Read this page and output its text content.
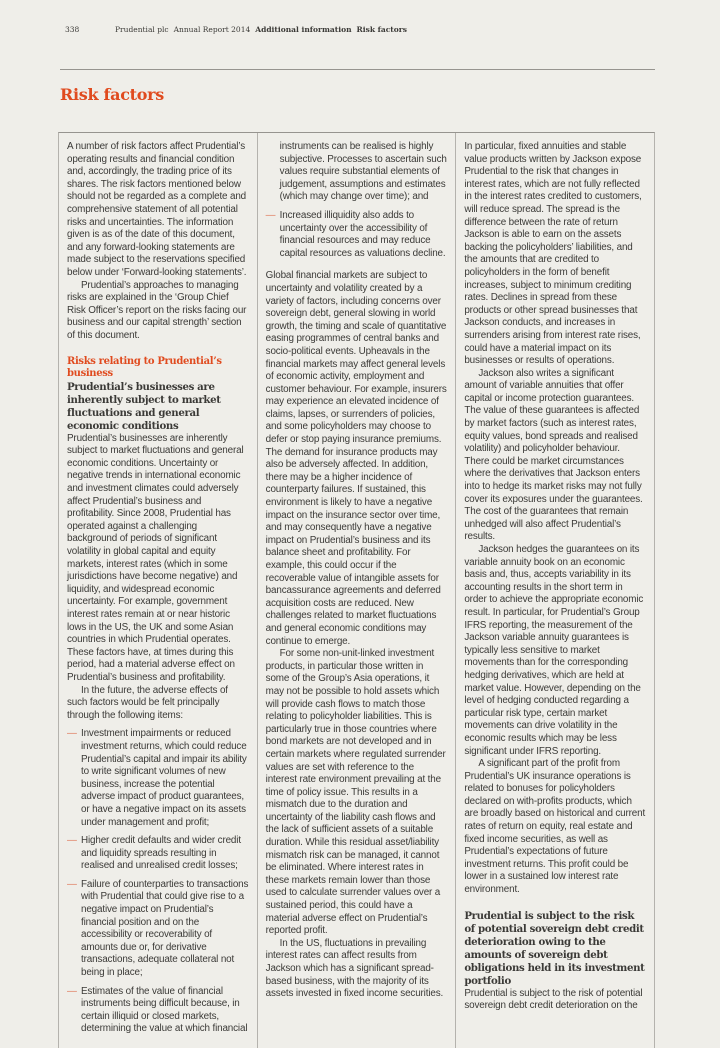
338	Prudential plc Annual Report 2014 Additional information Risk factors
Risk factors
A number of risk factors affect Prudential’s operating results and financial condition and, accordingly, the trading price of its shares. The risk factors mentioned below should not be regarded as a complete and comprehensive statement of all potential risks and uncertainties. The information given is as of the date of this document, and any forward-looking statements are made subject to the reservations specified below under ‘Forward-looking statements’.
Prudential’s approaches to managing risks are explained in the ‘Group Chief Risk Officer’s report on the risks facing our business and our capital strength’ section of this document.
Risks relating to Prudential’s business
Prudential’s businesses are inherently subject to market fluctuations and general economic conditions
Prudential’s businesses are inherently subject to market fluctuations and general economic conditions. Uncertainty or negative trends in international economic and investment climates could adversely affect Prudential’s business and profitability. Since 2008, Prudential has operated against a challenging background of periods of significant volatility in global capital and equity markets, interest rates (which in some jurisdictions have become negative) and liquidity, and widespread economic uncertainty. For example, government interest rates remain at or near historic lows in the US, the UK and some Asian countries in which Prudential operates. These factors have, at times during this period, had a material adverse effect on Prudential’s business and profitability.
In the future, the adverse effects of such factors would be felt principally through the following items:
— Investment impairments or reduced investment returns, which could reduce Prudential’s capital and impair its ability to write significant volumes of new business, increase the potential adverse impact of product guarantees, or have a negative impact on its assets under management and profit;
— Higher credit defaults and wider credit and liquidity spreads resulting in realised and unrealised credit losses;
— Failure of counterparties to transactions with Prudential that could give rise to a negative impact on Prudential’s financial position and on the accessibility or recoverability of amounts due or, for derivative transactions, adequate collateral not being in place;
— Estimates of the value of financial instruments being difficult because, in certain illiquid or closed markets, determining the value at which financial
instruments can be realised is highly subjective. Processes to ascertain such values require substantial elements of judgement, assumptions and estimates (which may change over time); and
— Increased illiquidity also adds to uncertainty over the accessibility of financial resources and may reduce capital resources as valuations decline.
Global financial markets are subject to uncertainty and volatility created by a variety of factors, including concerns over sovereign debt, general slowing in world growth, the timing and scale of quantitative easing programmes of central banks and socio-political events. Upheavals in the financial markets may affect general levels of economic activity, employment and customer behaviour. For example, insurers may experience an elevated incidence of claims, lapses, or surrenders of policies, and some policyholders may choose to defer or stop paying insurance premiums. The demand for insurance products may also be adversely affected. In addition, there may be a higher incidence of counterparty failures. If sustained, this environment is likely to have a negative impact on the insurance sector over time, and may consequently have a negative impact on Prudential’s business and its balance sheet and profitability. For example, this could occur if the recoverable value of intangible assets for bancassurance agreements and deferred acquisition costs are reduced. New challenges related to market fluctuations and general economic conditions may continue to emerge.
For some non-unit-linked investment products, in particular those written in some of the Group’s Asia operations, it may not be possible to hold assets which will provide cash flows to match those relating to policyholder liabilities. This is particularly true in those countries where bond markets are not developed and in certain markets where regulated surrender values are set with reference to the interest rate environment prevailing at the time of policy issue. This results in a mismatch due to the duration and uncertainty of the liability cash flows and the lack of sufficient assets of a suitable duration. While this residual asset/liability mismatch risk can be managed, it cannot be eliminated. Where interest rates in these markets remain lower than those used to calculate surrender values over a sustained period, this could have a material adverse effect on Prudential’s reported profit.
In the US, fluctuations in prevailing interest rates can affect results from Jackson which has a significant spread-based business, with the majority of its assets invested in fixed income securities.
In particular, fixed annuities and stable value products written by Jackson expose Prudential to the risk that changes in interest rates, which are not fully reflected in the interest rates credited to customers, will reduce spread. The spread is the difference between the rate of return Jackson is able to earn on the assets backing the policyholders’ liabilities, and the amounts that are credited to policyholders in the form of benefit increases, subject to minimum crediting rates. Declines in spread from these products or other spread businesses that Jackson conducts, and increases in surrenders arising from interest rate rises, could have a material impact on its businesses or results of operations.
Jackson also writes a significant amount of variable annuities that offer capital or income protection guarantees. The value of these guarantees is affected by market factors (such as interest rates, equity values, bond spreads and realised volatility) and policyholder behaviour. There could be market circumstances where the derivatives that Jackson enters into to hedge its market risks may not fully cover its exposures under the guarantees. The cost of the guarantees that remain unhedged will also affect Prudential’s results.
Jackson hedges the guarantees on its variable annuity book on an economic basis and, thus, accepts variability in its accounting results in the short term in order to achieve the appropriate economic result. In particular, for Prudential’s Group IFRS reporting, the measurement of the Jackson variable annuity guarantees is typically less sensitive to market movements than for the corresponding hedging derivatives, which are held at market value. However, depending on the level of hedging conducted regarding a particular risk type, certain market movements can drive volatility in the economic results which may be less significant under IFRS reporting.
A significant part of the profit from Prudential’s UK insurance operations is related to bonuses for policyholders declared on with-profits products, which are broadly based on historical and current rates of return on equity, real estate and fixed income securities, as well as Prudential’s expectations of future investment returns. This profit could be lower in a sustained low interest rate environment.
Prudential is subject to the risk of potential sovereign debt credit deterioration owing to the amounts of sovereign debt obligations held in its investment portfolio
Prudential is subject to the risk of potential sovereign debt credit deterioration on the
